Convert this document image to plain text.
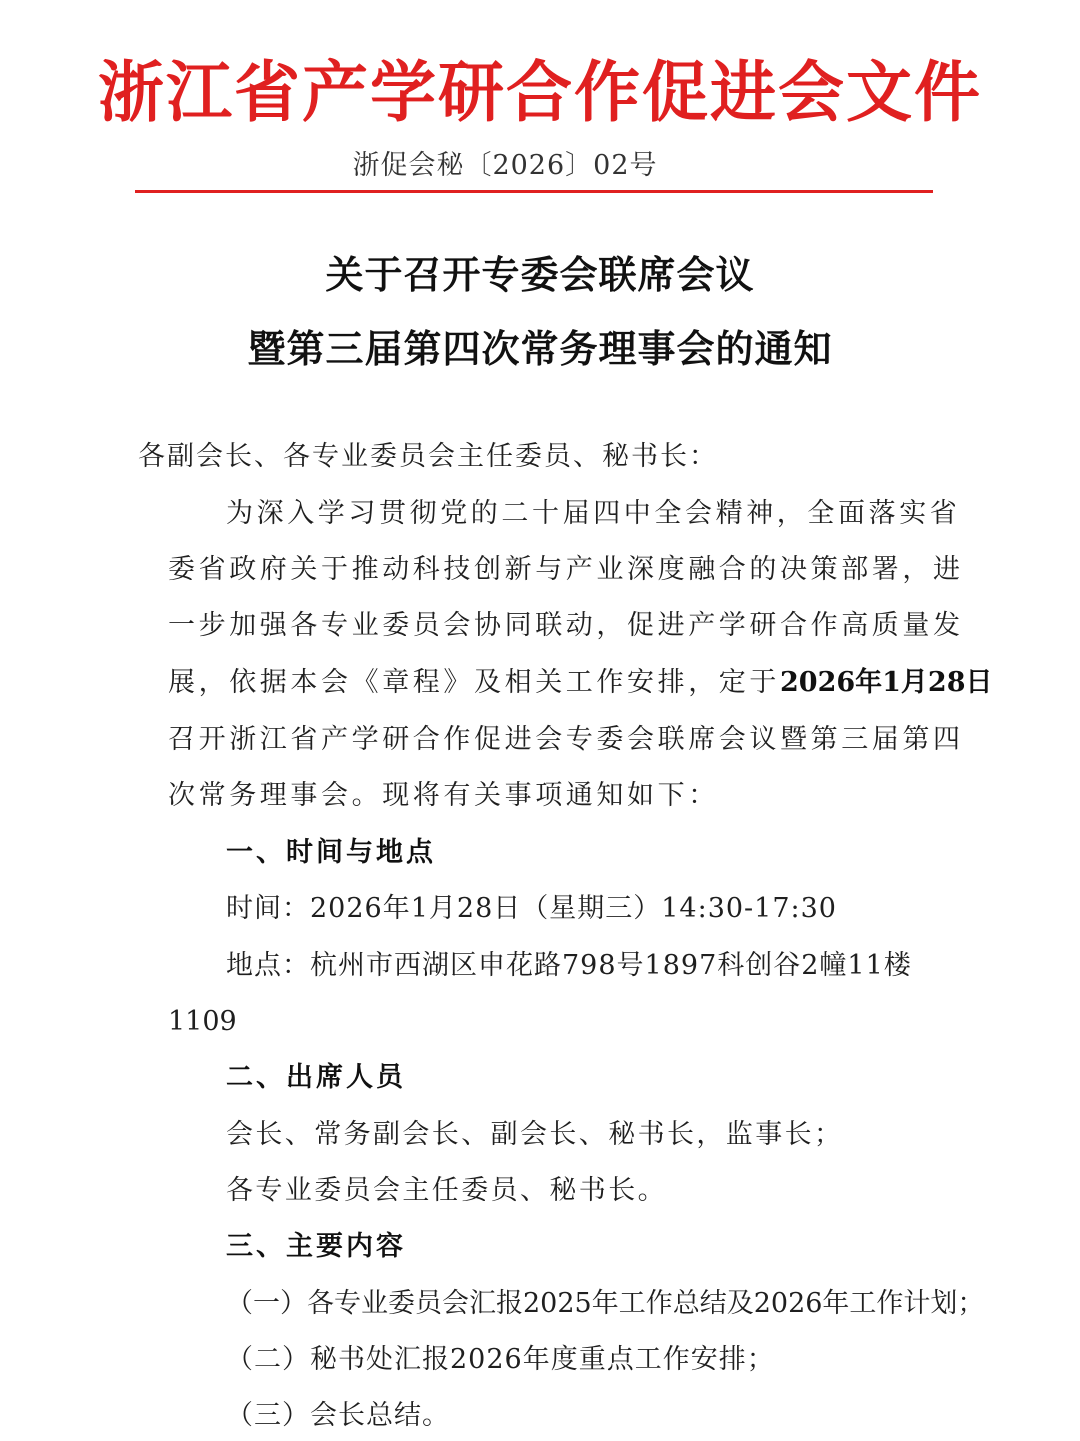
浙江省产学研合作促进会文件
浙促会秘〔2026〕02号
关于召开专委会联席会议
暨第三届第四次常务理事会的通知
各副会长、各专业委员会主任委员、秘书长：
为深入学习贯彻党的二十届四中全会精神，全面落实省
委省政府关于推动科技创新与产业深度融合的决策部署，进
一步加强各专业委员会协同联动，促进产学研合作高质量发
展，依据本会《章程》及相关工作安排，定于2026年1月28日
召开浙江省产学研合作促进会专委会联席会议暨第三届第四
次常务理事会。现将有关事项通知如下：
一、时间与地点
时间：2026年1月28日（星期三）14:30-17:30
地点：杭州市西湖区申花路798号1897科创谷2幢11楼
1109
二、出席人员
会长、常务副会长、副会长、秘书长，监事长；
各专业委员会主任委员、秘书长。
三、主要内容
（一）各专业委员会汇报2025年工作总结及2026年工作计划；
（二）秘书处汇报2026年度重点工作安排；
（三）会长总结。
